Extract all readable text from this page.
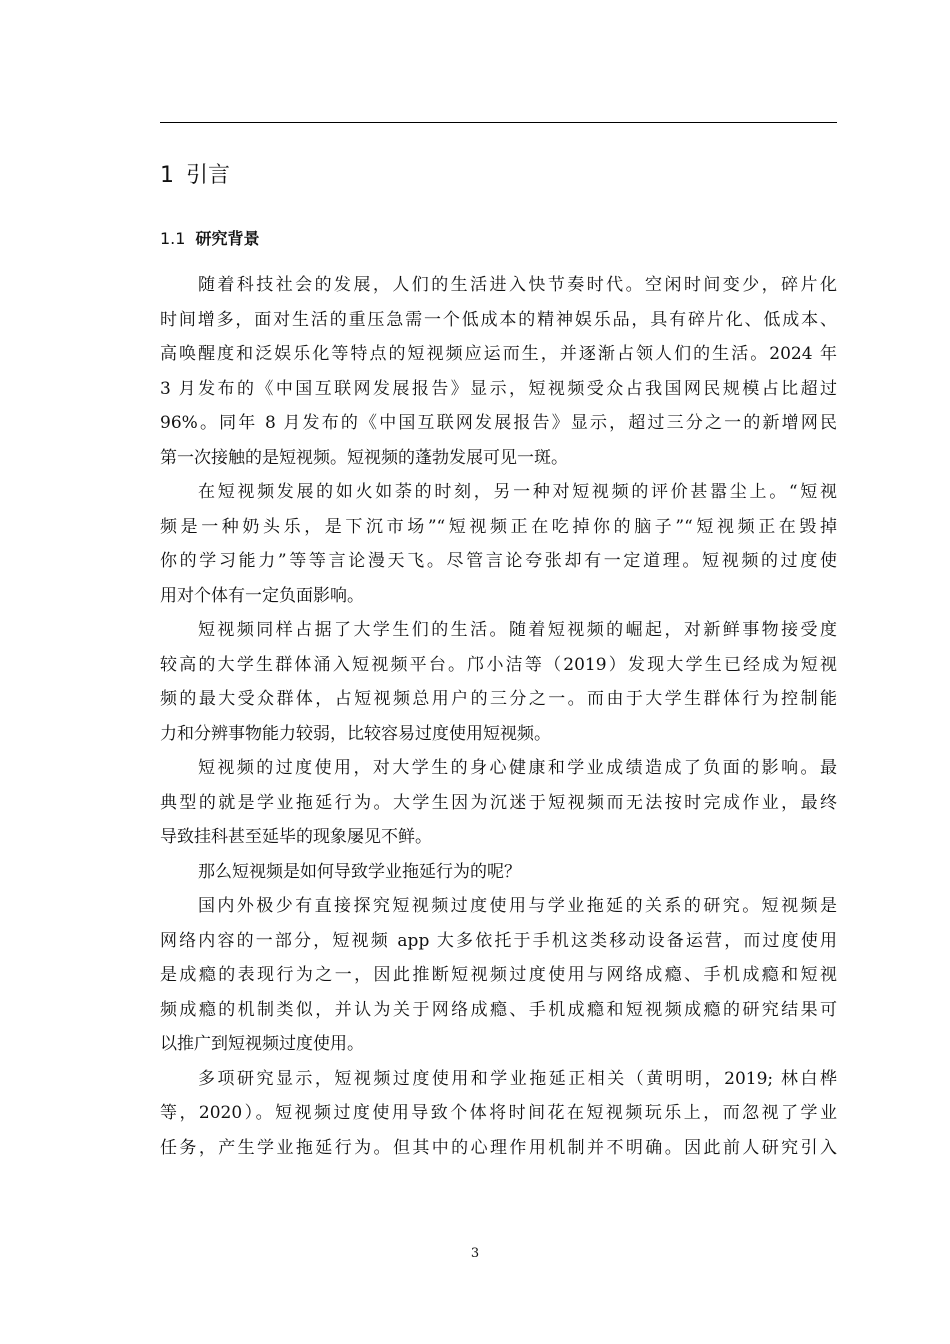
1 引言
1.1 研究背景

随着科技社会的发展，人们的生活进入快节奏时代。空闲时间变少，碎片化
时间增多，面对生活的重压急需一个低成本的精神娱乐品，具有碎片化、低成本、
高唤醒度和泛娱乐化等特点的短视频应运而生，并逐渐占领人们的生活。2024 年
3 月发布的《中国互联网发展报告》显示，短视频受众占我国网民规模占比超过
96%。同年 8 月发布的《中国互联网发展报告》显示，超过三分之一的新增网民
第一次接触的是短视频。短视频的蓬勃发展可见一斑。

在短视频发展的如火如荼的时刻，另一种对短视频的评价甚嚣尘上。“短视
频是一种奶头乐，是下沉市场”“短视频正在吃掉你的脑子”“短视频正在毁掉
你的学习能力”等等言论漫天飞。尽管言论夸张却有一定道理。短视频的过度使
用对个体有一定负面影响。

短视频同样占据了大学生们的生活。随着短视频的崛起，对新鲜事物接受度
较高的大学生群体涌入短视频平台。邝小洁等（2019）发现大学生已经成为短视
频的最大受众群体，占短视频总用户的三分之一。而由于大学生群体行为控制能
力和分辨事物能力较弱，比较容易过度使用短视频。

短视频的过度使用，对大学生的身心健康和学业成绩造成了负面的影响。最
典型的就是学业拖延行为。大学生因为沉迷于短视频而无法按时完成作业，最终
导致挂科甚至延毕的现象屡见不鲜。

那么短视频是如何导致学业拖延行为的呢？

国内外极少有直接探究短视频过度使用与学业拖延的关系的研究。短视频是
网络内容的一部分，短视频 app 大多依托于手机这类移动设备运营，而过度使用
是成瘾的表现行为之一，因此推断短视频过度使用与网络成瘾、手机成瘾和短视
频成瘾的机制类似，并认为关于网络成瘾、手机成瘾和短视频成瘾的研究结果可
以推广到短视频过度使用。

多项研究显示，短视频过度使用和学业拖延正相关（黄明明，2019; 林白桦
等，2020）。短视频过度使用导致个体将时间花在短视频玩乐上，而忽视了学业
任务，产生学业拖延行为。但其中的心理作用机制并不明确。因此前人研究引入

3
